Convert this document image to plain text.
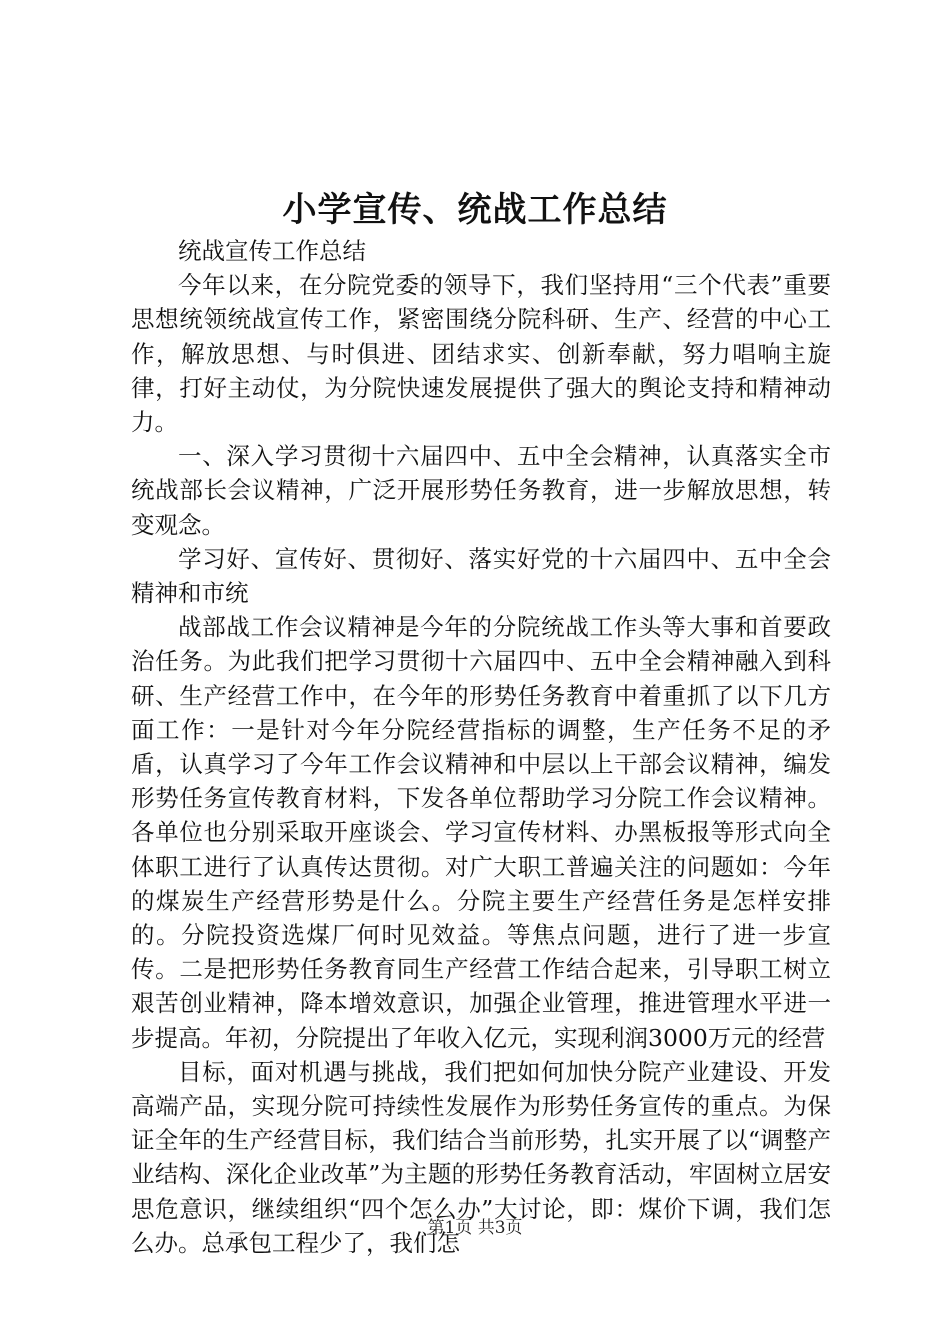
小学宣传、统战工作总结

统战宣传工作总结

今年以来，在分院党委的领导下，我们坚持用“三个代表”重要思想统领统战宣传工作，紧密围绕分院科研、生产、经营的中心工作，解放思想、与时俱进、团结求实、创新奉献，努力唱响主旋律，打好主动仗，为分院快速发展提供了强大的舆论支持和精神动力。

一、深入学习贯彻十六届四中、五中全会精神，认真落实全市统战部长会议精神，广泛开展形势任务教育，进一步解放思想，转变观念。

学习好、宣传好、贯彻好、落实好党的十六届四中、五中全会精神和市统

战部战工作会议精神是今年的分院统战工作头等大事和首要政治任务。为此我们把学习贯彻十六届四中、五中全会精神融入到科研、生产经营工作中，在今年的形势任务教育中着重抓了以下几方面工作：一是针对今年分院经营指标的调整，生产任务不足的矛盾，认真学习了今年工作会议精神和中层以上干部会议精神，编发形势任务宣传教育材料，下发各单位帮助学习分院工作会议精神。各单位也分别采取开座谈会、学习宣传材料、办黑板报等形式向全体职工进行了认真传达贯彻。对广大职工普遍关注的问题如：今年的煤炭生产经营形势是什么。分院主要生产经营任务是怎样安排的。分院投资选煤厂何时见效益。等焦点问题，进行了进一步宣传。二是把形势任务教育同生产经营工作结合起来，引导职工树立艰苦创业精神，降本增效意识，加强企业管理，推进管理水平进一步提高。年初，分院提出了年收入亿元，实现利润3000万元的经营

目标，面对机遇与挑战，我们把如何加快分院产业建设、开发高端产品，实现分院可持续性发展作为形势任务宣传的重点。为保证全年的生产经营目标，我们结合当前形势，扎实开展了以“调整产业结构、深化企业改革”为主题的形势任务教育活动，牢固树立居安思危意识，继续组织“四个怎么办”大讨论，即：煤价下调，我们怎么办。总承包工程少了，我们怎

第1页 共3页
